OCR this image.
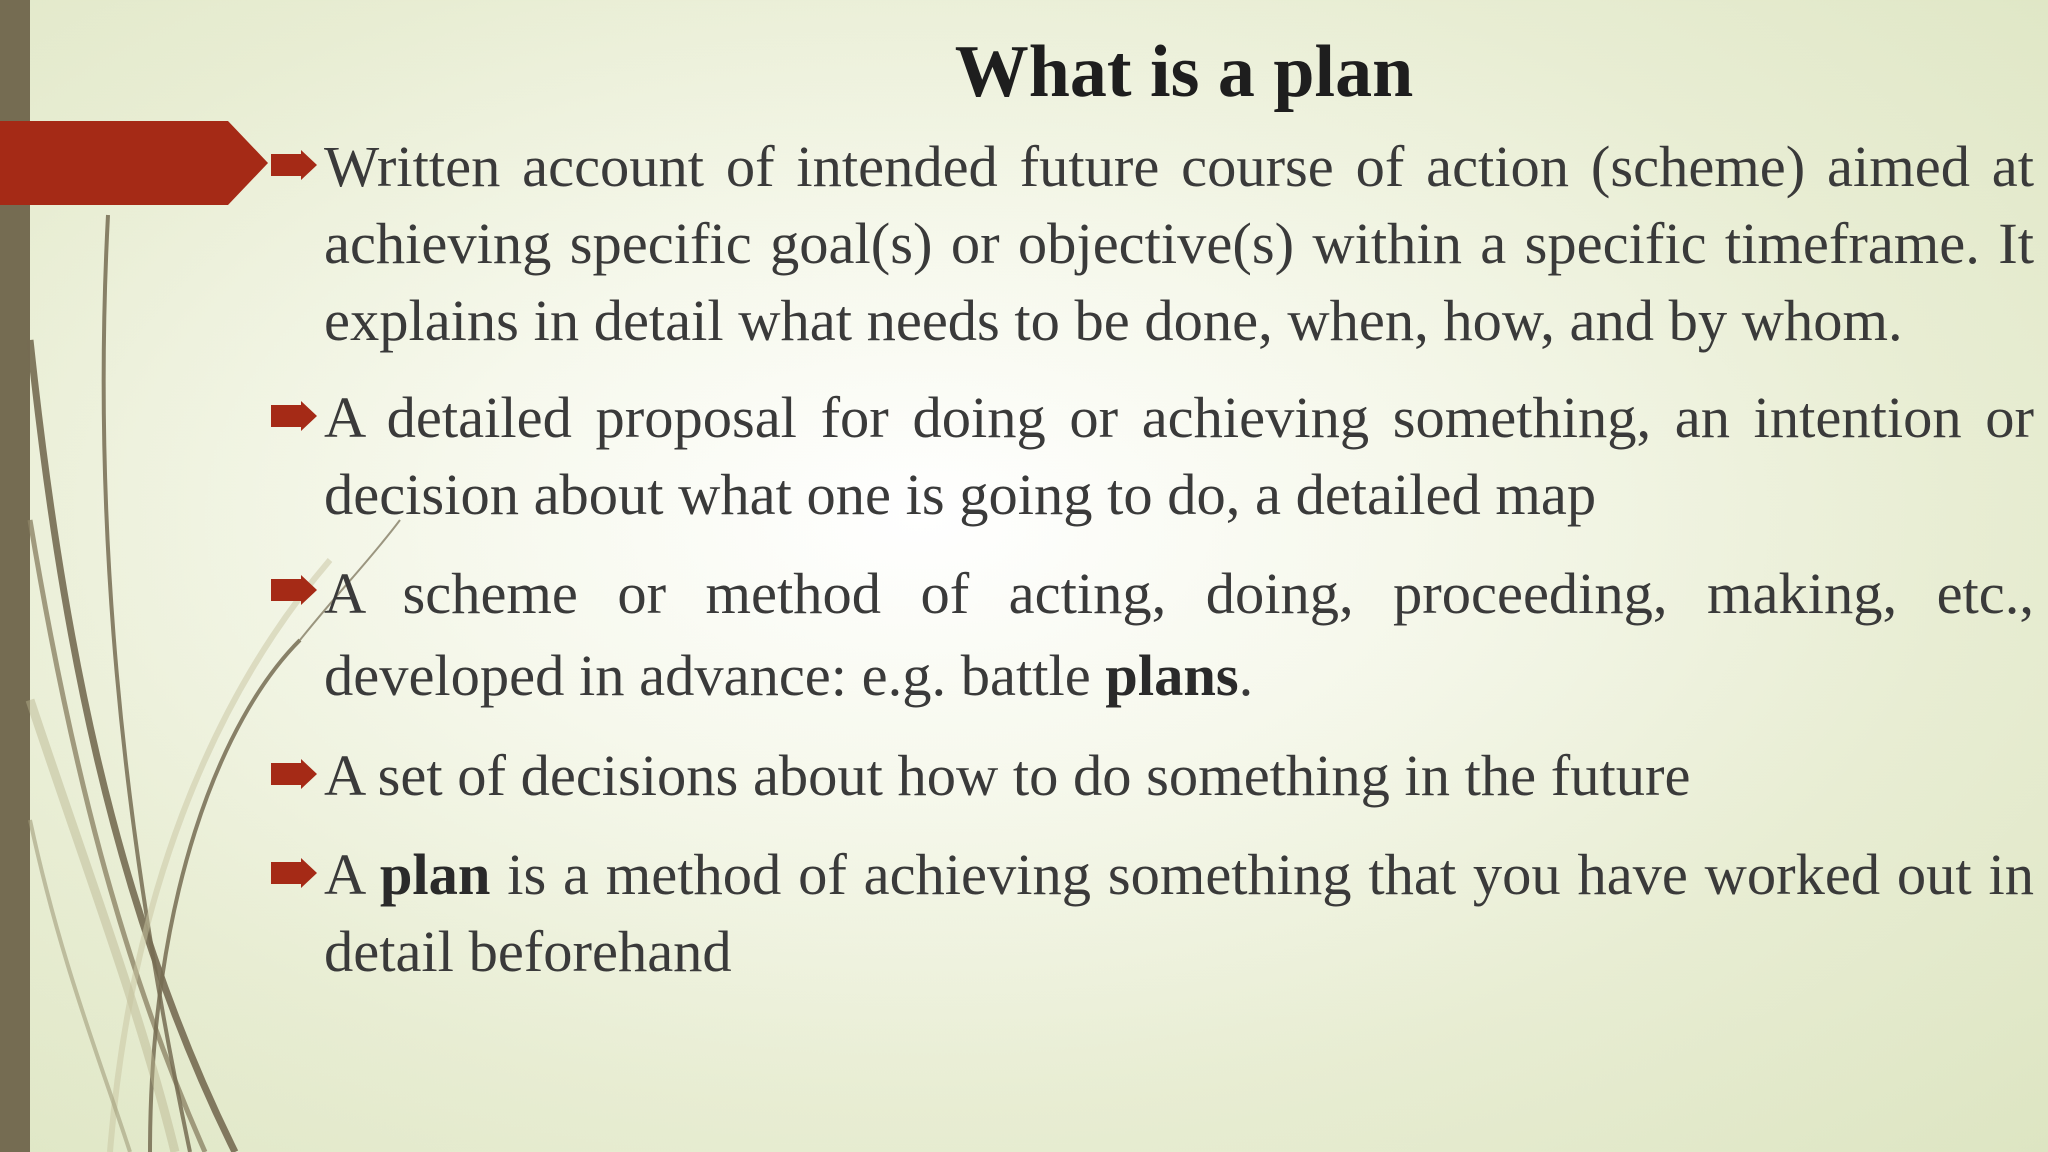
What is a plan
Written account of intended future course of action (scheme) aimed at achieving specific goal(s) or objective(s) within a specific timeframe. It explains in detail what needs to be done, when, how, and by whom.
A detailed proposal for doing or achieving something, an intention or decision about what one is going to do, a detailed map
A scheme or method of acting, doing, proceeding, making, etc., developed in advance: e.g. battle plans.
A set of decisions about how to do something in the future
A plan is a method of achieving something that you have worked out in detail beforehand
